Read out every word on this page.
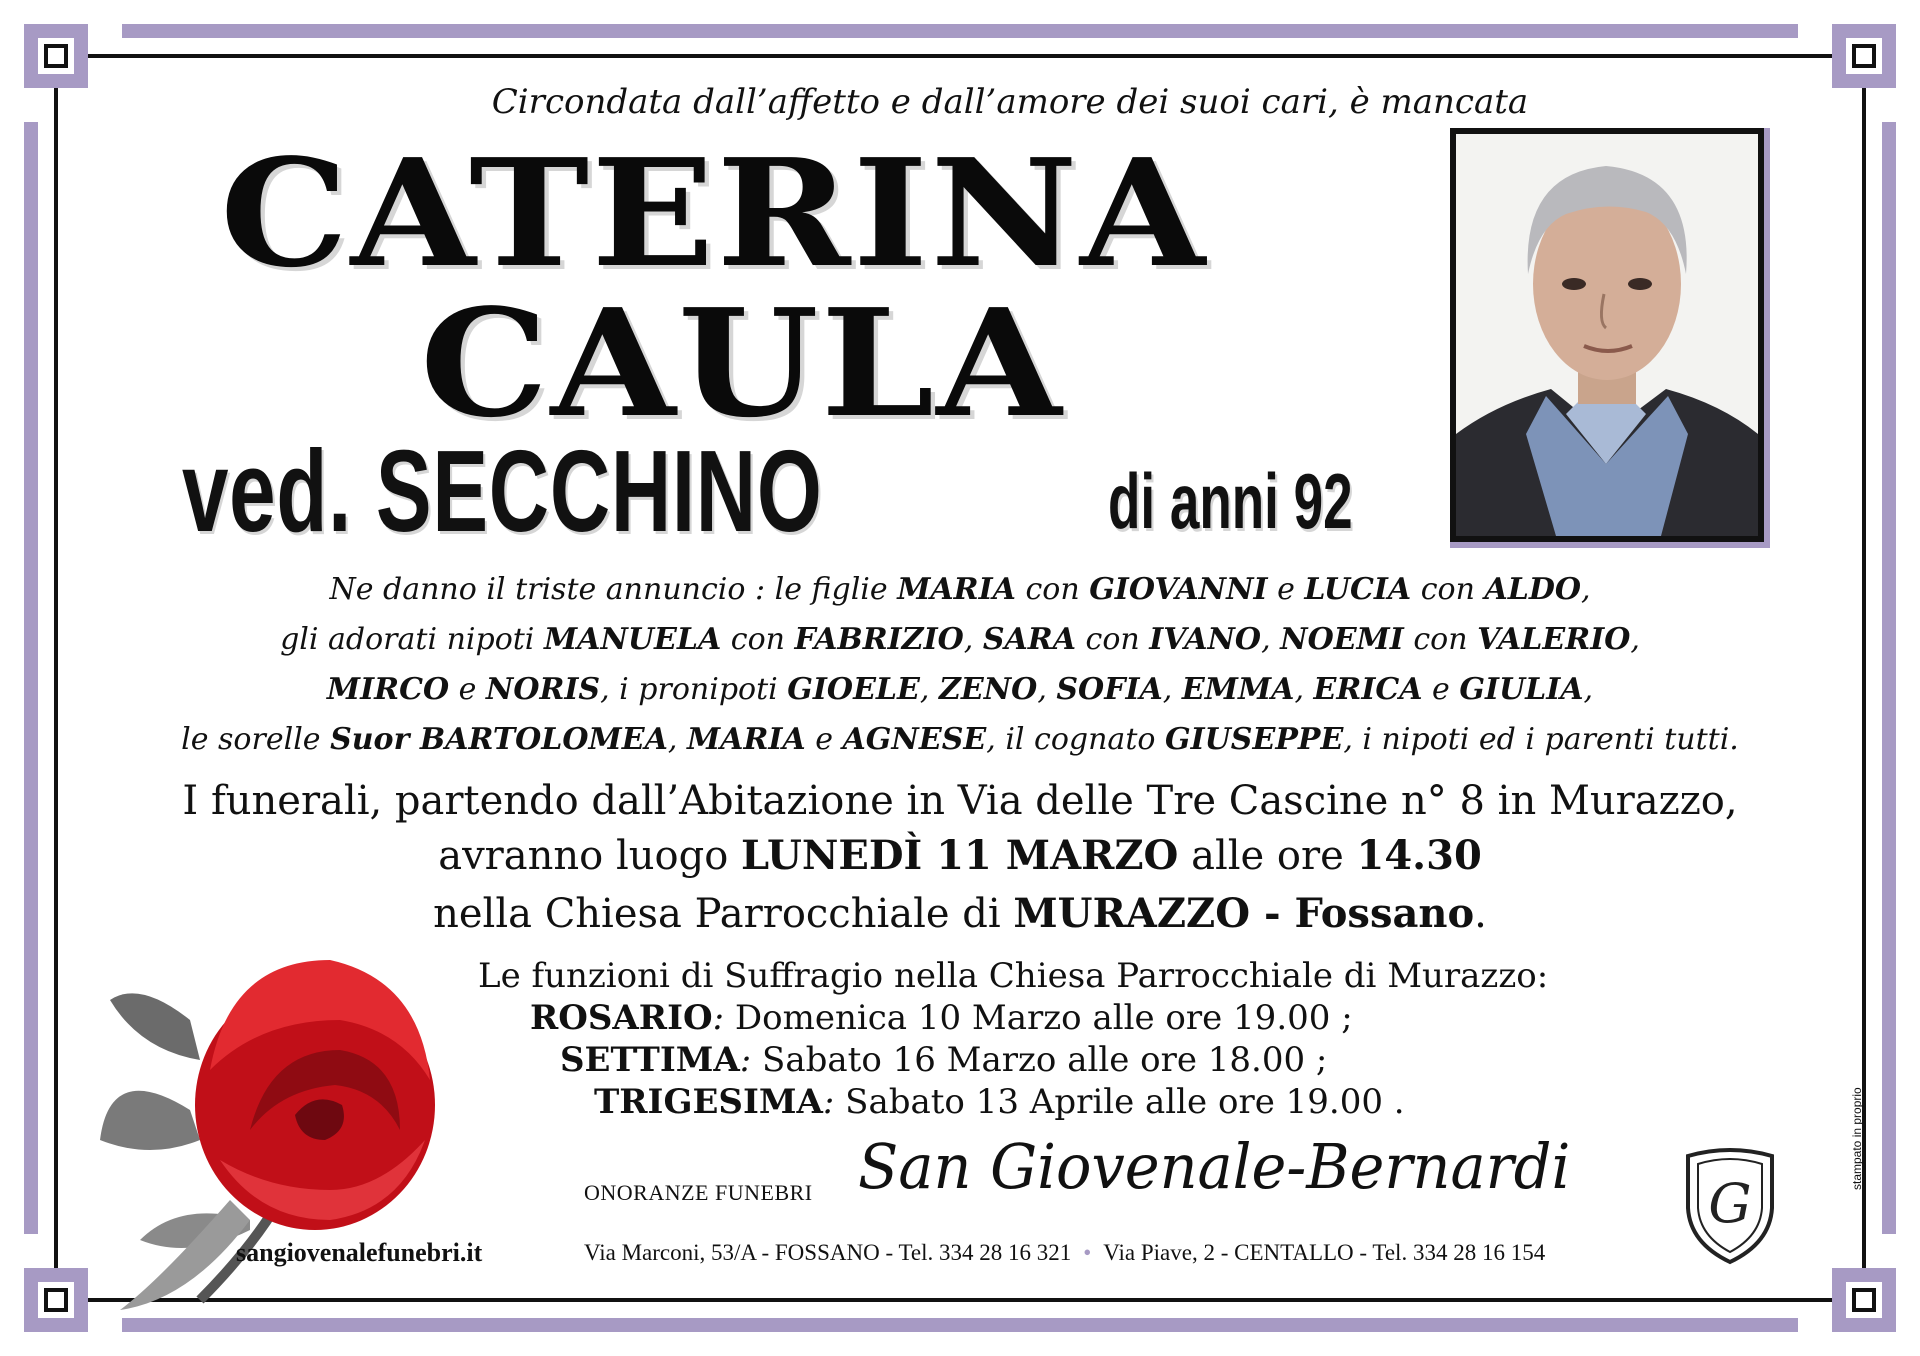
Circondata dall’affetto e dall’amore dei suoi cari, è mancata
CATERINA
CAULA
ved. SECCHINO	di anni 92
Ne danno il triste annuncio : le figlie MARIA con GIOVANNI e LUCIA con ALDO,
gli adorati nipoti MANUELA con FABRIZIO, SARA con IVANO, NOEMI con VALERIO,
MIRCO e NORIS, i pronipoti GIOELE, ZENO, SOFIA, EMMA, ERICA e GIULIA,
le sorelle Suor BARTOLOMEA, MARIA e AGNESE, il cognato GIUSEPPE, i nipoti ed i parenti tutti.
I funerali, partendo dall’Abitazione in Via delle Tre Cascine n° 8 in Murazzo,
avranno luogo LUNEDÌ 11 MARZO alle ore 14.30
nella Chiesa Parrocchiale di MURAZZO - Fossano.
Le funzioni di Suffragio nella Chiesa Parrocchiale di Murazzo:
ROSARIO: Domenica 10 Marzo alle ore 19.00 ;
SETTIMA: Sabato 16 Marzo alle ore 18.00 ;
TRIGESIMA: Sabato 13 Aprile alle ore 19.00 .
sangiovenalefunebri.it
ONORANZE FUNEBRI San Giovenale-Bernardi
G
Via Marconi, 53/A - FOSSANO - Tel. 334 28 16 321 • Via Piave, 2 - CENTALLO - Tel. 334 28 16 154
stampato in proprio
